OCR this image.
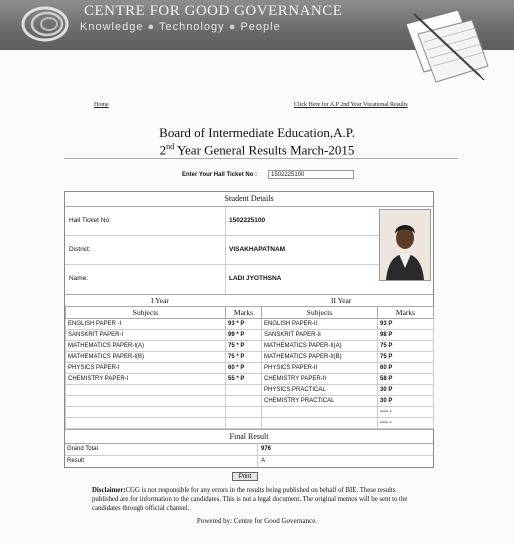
CENTRE FOR GOOD GOVERNANCE
Knowledge ● Technology ● People
Home	Click Here for A.P 2nd Year Vocational Results
Board of Intermediate Education,A.P.
2nd Year General Results March-2015
Enter Your Hall Ticket No :	1502225100
Student Details
Hall Ticket No:	1502225100
District:	VISAKHAPATNAM
Name:	LADI JYOTHSNA
I Year	II Year
Subjects	Marks	Subjects	Marks
ENGLISH PAPER -I	93 * P	ENGLISH PAPER-II	93 P
SANSKRIT PAPER-I	99 * P	SANSKRIT PAPER-II	98 P
MATHEMATICS PAPER-I(A)	75 * P	MATHEMATICS PAPER-II(A)	75 P
MATHEMATICS PAPER-I(B)	75 * P	MATHEMATICS PAPER-II(B)	75 P
PHYSICS PAPER-I	60 * P	PHYSICS PAPER-II	60 P
CHEMISTRY PAPER-I	55 * P	CHEMISTRY PAPER-II	58 P
		PHYSICS PRACTICAL	30 P
		CHEMISTRY PRACTICAL	30 P
			---- -
			---- -
Final Result
Grand Total	976
Result	A
Print
Disclaimer:CGG is not responsible for any errors in the results being published on behalf of BIE. These results published are for information to the candidates. This is not a legal document. The original memos will be sent to the candidates through official channel.
Powered by: Centre for Good Governance.
